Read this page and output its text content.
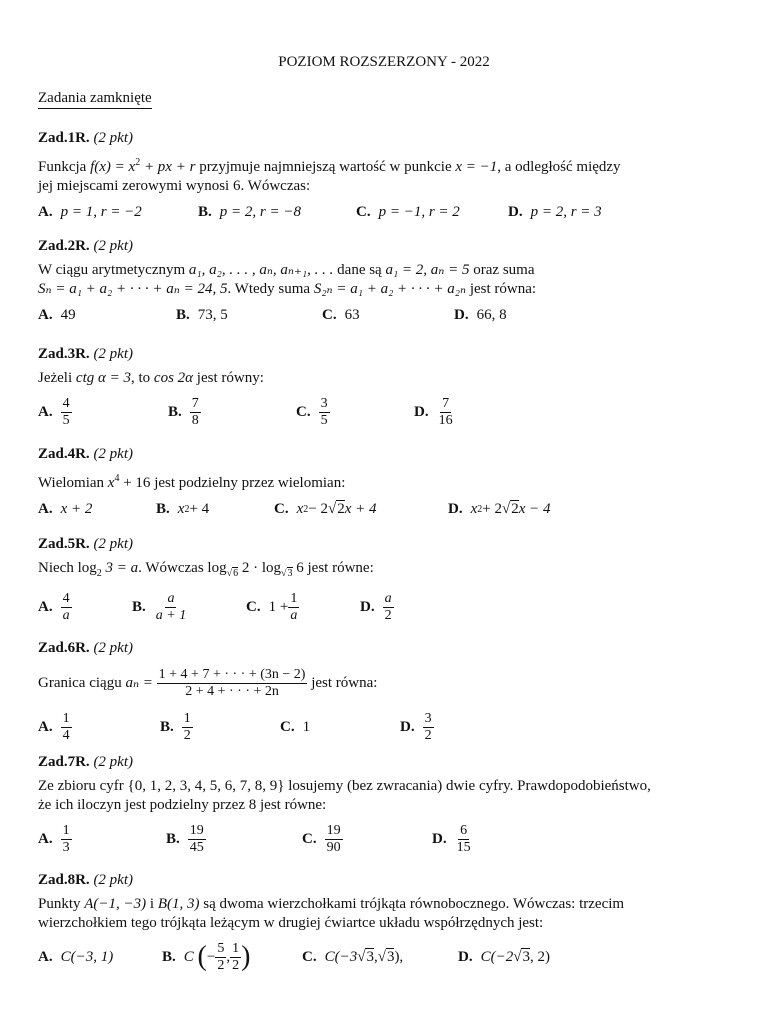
POZIOM ROZSZERZONY - 2022
Zadania zamknięte
Zad.1R. (2 pkt)
Funkcja $f(x) = x^2$ + px + r przyjmuje najmniejszą wartość w punkcie x = −1, a odległość między
jej miejscami zerowymi wynosi 6. Wówczas:
A. p = 1, r = −2	B. p = 2, r = −8	C. p = −1, r = 2	D. p = 2, r = 3
Zad.2R. (2 pkt)
W ciągu arytmetycznym a₁, a₂, . . . , aₙ, aₙ₊₁, . . . dane są a₁ = 2, aₙ = 5 oraz suma
Sₙ = a₁ + a₂ + · · · + aₙ = 24, 5. Wtedy suma S₂ₙ = a₁ + a₂ + · · · + a₂ₙ jest równa:
A. 49	B. 73, 5	C. 63	D. 66, 8
Zad.3R. (2 pkt)
Jeżeli ctg α = 3, to cos 2α jest równy:
A. $\frac{4}{5}$	B. $\frac{7}{8}$	C. $\frac{3}{5}$	D. $\frac{7}{16}$
Zad.4R. (2 pkt)
Wielomian $x^4 + 16$ jest podzielny przez wielomian:
A. x + 2	B. x 2 + 4	C. x 2 − 2 √ 2 x + 4	D. x 2 + 2 √ 2 x − 4
Zad.5R. (2 pkt)
Niech $\log_2 3 = a$. Wówczas $\log_{√6} 2 \cdot \log_{√3} 6$ jest równe:
A. $\frac{4}{a}$	B. $\frac{a}{a + 1}$	C. $1 + \frac{1}{a}$	D. $\frac{a}{2}$
Zad.6R. (2 pkt)
Granica ciągu
aₙ =
$\frac{1 + 4 + 7 + \cdot \cdot \cdot + (3n - 2)}{2 + 4 + \cdot \cdot \cdot + 2n}$
jest równa:
A. $\frac{1}{4}$	B. $\frac{1}{2}$	C. 1	D. $\frac{3}{2}$
Zad.7R. (2 pkt)
Ze zbioru cyfr {0, 1, 2, 3, 4, 5, 6, 7, 8, 9} losujemy (bez zwracania) dwie cyfry. Prawdopodobieństwo,
że ich iloczyn jest podzielny przez 8 jest równe:
A. $\frac{1}{3}$	B. $\frac{19}{45}$	C. $\frac{19}{90}$	D. $\frac{6}{15}$
Zad.8R. (2 pkt)
Punkty A(−1, −3) i B(1, 3) są dwoma wierzchołkami trójkąta równobocznego. Wówczas: trzecim
wierzchołkiem tego trójkąta leżącym w drugiej ćwiartce układu współrzędnych jest:
A. C(−3, 1)	B. C
( − $\frac{5}{2}$ , $\frac{1}{2}$ )	C. C(−3 √ 3 , √ 3 ),	D. C(−2 √ 3 , 2)
